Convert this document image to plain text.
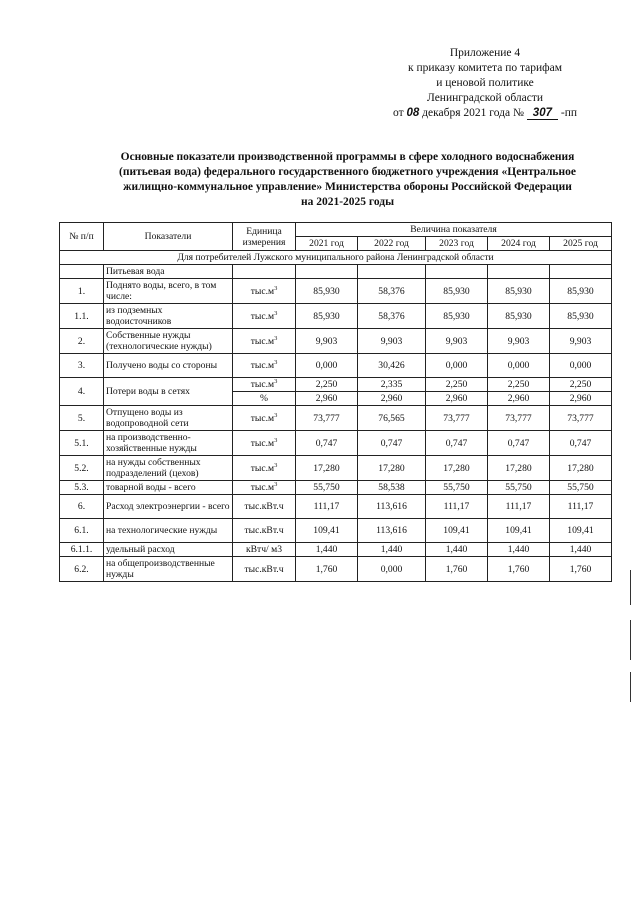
Приложение 4
к приказу комитета по тарифам
и ценовой политике
Ленинградской области
от 08 декабря 2021 года № 307 -пп
Основные показатели производственной программы в сфере холодного водоснабжения
(питьевая вода) федерального государственного бюджетного учреждения «Центральное
жилищно-коммунальное управление» Министерства обороны Российской Федерации
на 2021-2025 годы
№ п/п	Показатели	Единица измерения	Величина показателя				
			2021 год	2022 год	2023 год	2024 год	2025 год
Для потребителей Лужского муниципального района Ленинградской области							
	Питьевая вода						
1.	Поднято воды, всего, в том числе:	$тыс.м^3$	85,930	58,376	85,930	85,930	85,930
1.1.	из подземных водоисточников	$тыс.м^3$	85,930	58,376	85,930	85,930	85,930
2.	Собственные нужды (технологические нужды)	$тыс.м^3$	9,903	9,903	9,903	9,903	9,903
3.	Получено воды со стороны	$тыс.м^3$	0,000	30,426	0,000	0,000	0,000
4.	Потери воды в сетях	$тыс.м^3$	2,250	2,335	2,250	2,250	2,250
		%	2,960	2,960	2,960	2,960	2,960
5.	Отпущено воды из водопроводной сети	$тыс.м^3$	73,777	76,565	73,777	73,777	73,777
5.1.	на производственно-хозяйственные нужды	$тыс.м^3$	0,747	0,747	0,747	0,747	0,747
5.2.	на нужды собственных подразделений (цехов)	$тыс.м^3$	17,280	17,280	17,280	17,280	17,280
5.3.	товарной воды - всего	$тыс.м^3$	55,750	58,538	55,750	55,750	55,750
6.	Расход электроэнергии - всего	тыс.кВт.ч	111,17	113,616	111,17	111,17	111,17
6.1.	на технологические нужды	тыс.кВт.ч	109,41	113,616	109,41	109,41	109,41
6.1.1.	удельный расход	кВтч/ м3	1,440	1,440	1,440	1,440	1,440
6.2.	на общепроизводственные нужды	тыс.кВт.ч	1,760	0,000	1,760	1,760	1,760
